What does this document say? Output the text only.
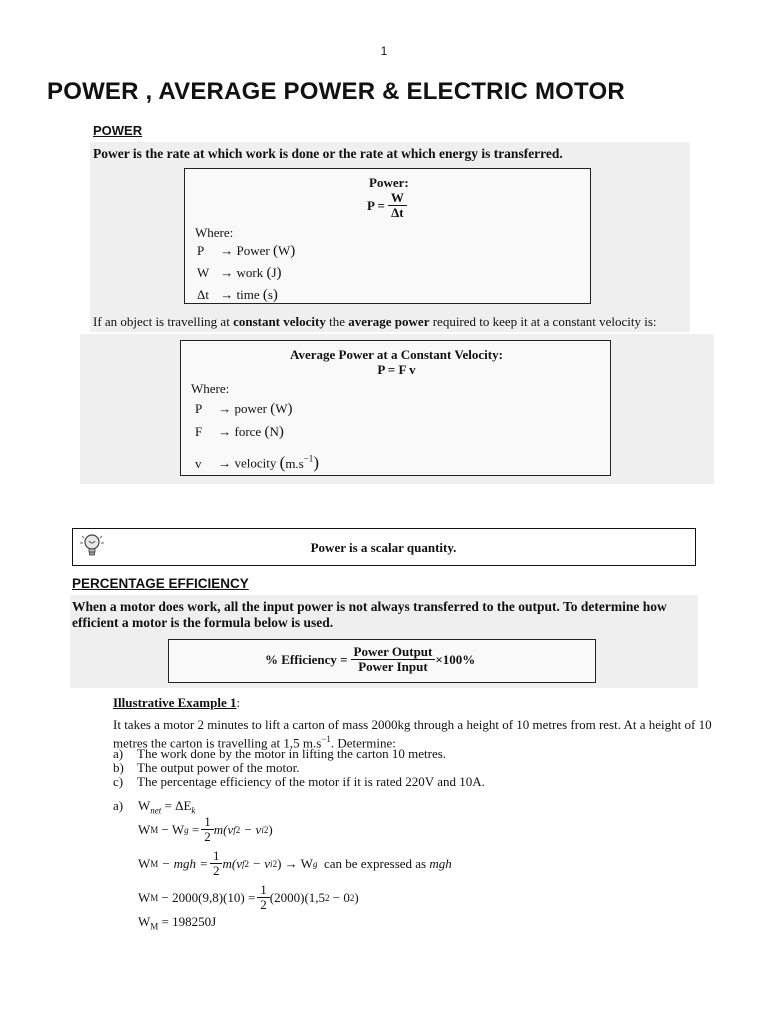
1
POWER , AVERAGE POWER & ELECTRIC MOTOR
POWER
Power is the rate at which work is done or the rate at which energy is transferred.
Power:
$P = \frac{W}{\Delta t}$
Where:
P → Power (W)
W → work (J)
Δt → time (s)
If an object is travelling at constant velocity the average power required to keep it at a constant velocity is:
Average Power at a Constant Velocity:
P = F v
Where:
P → power (W)
F → force (N)
v → velocity $(m.s^{-1})$
Power is a scalar quantity.
PERCENTAGE EFFICIENCY
When a motor does work, all the input power is not always transferred to the output. To determine how efficient a motor is the formula below is used.
% Efficiency = $\frac{\text{Power Output}}{\text{Power Input}} \times 100\%$
Illustrative Example 1:
It takes a motor 2 minutes to lift a carton of mass 2000kg through a height of 10 metres from rest. At a height of 10 metres the carton is travelling at 1,5 $m.s^{-1}$. Determine:
a) The work done by the motor in lifting the carton 10 metres.
b) The output power of the motor.
c) The percentage efficiency of the motor if it is rated 220V and 10A.
a) $W_{net} = \Delta E_k$
W M − W $g = \frac{1}{2} m(v$ f 2 − v i 2 )
W M − mgh = $\frac{1}{2} m(v$ f 2 − v i 2 ) → W g can be expressed as mgh
W $M - 2000(9,8)(10) = \frac{1}{2} (2000)(1,5$ 2 − 0 2 )
$W_M = 198250J$
